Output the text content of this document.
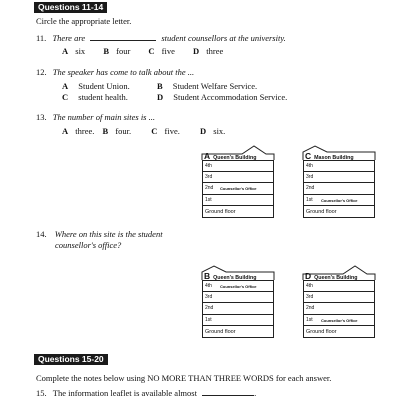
Questions 11-14
Circle the appropriate letter.
11. There are	student counsellors at the university.
A six B four C five D three
12. The speaker has come to talk about the ...
A Student Union.	B Student Welfare Service.
C student health.	D Student Accommodation Service.
13. The number of main sites is ...
A three. B four. C five. D six.
14. Where on this site is the student
counsellor's office?
A Queen's Building
4th
3rd
2nd Counsellor's Office
1st
Ground floor
C Mason Building
4th
3rd
2nd
1st Counsellor's Office
Ground floor
B Queen's Building
4th Counsellor's Office
3rd
2nd
1st
Ground floor
D Queen's Building
4th
3rd
2nd
1st Counsellor's Office
Ground floor
Questions 15-20
Complete the notes below using NO MORE THAN THREE WORDS for each answer.
15. The information leaflet is available almost	.
